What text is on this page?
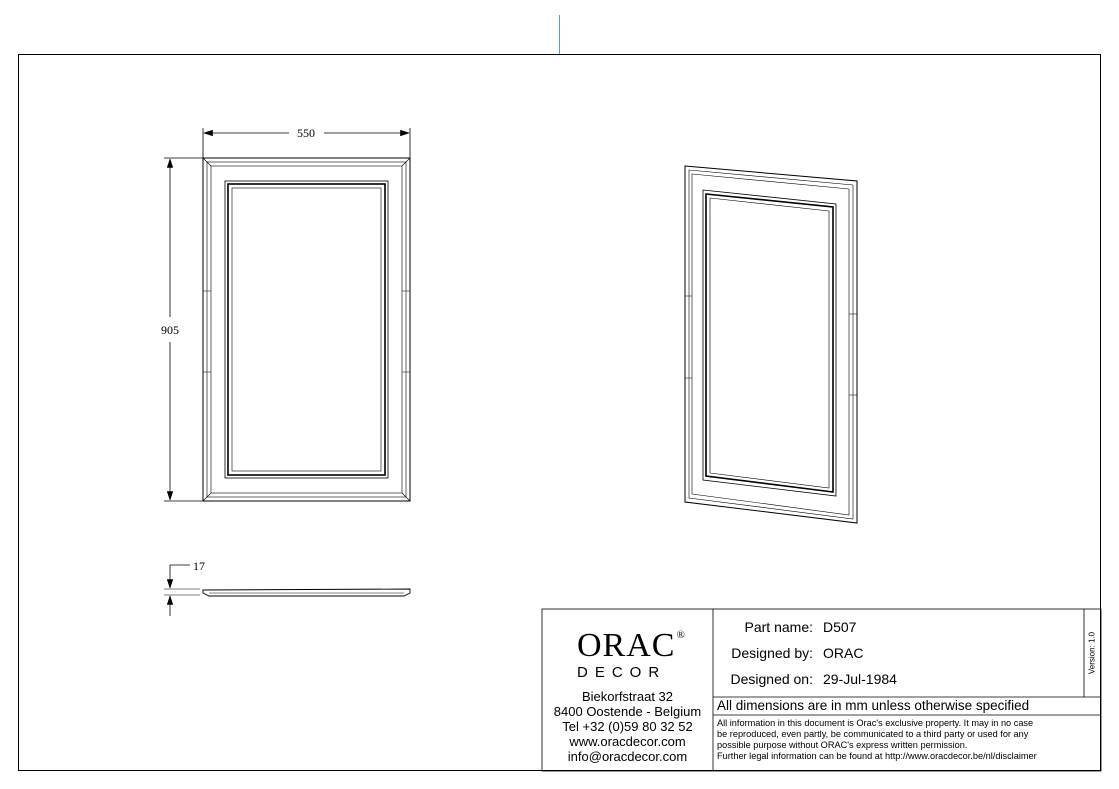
550
905
17
ORAC®
DECOR
Biekorfstraat 32
8400 Oostende - Belgium
Tel +32 (0)59 80 32 52
www.oracdecor.com
info@oracdecor.com
Part name: D507
Designed by: ORAC
Designed on: 29-Jul-1984
Version: 1.0
All dimensions are in mm unless otherwise specified
All information in this document is Orac's exclusive property. It may in no case
be reproduced, even partly, be communicated to a third party or used for any
possible purpose without ORAC's express written permission.
Further legal information can be found at http://www.oracdecor.be/nl/disclaimer
